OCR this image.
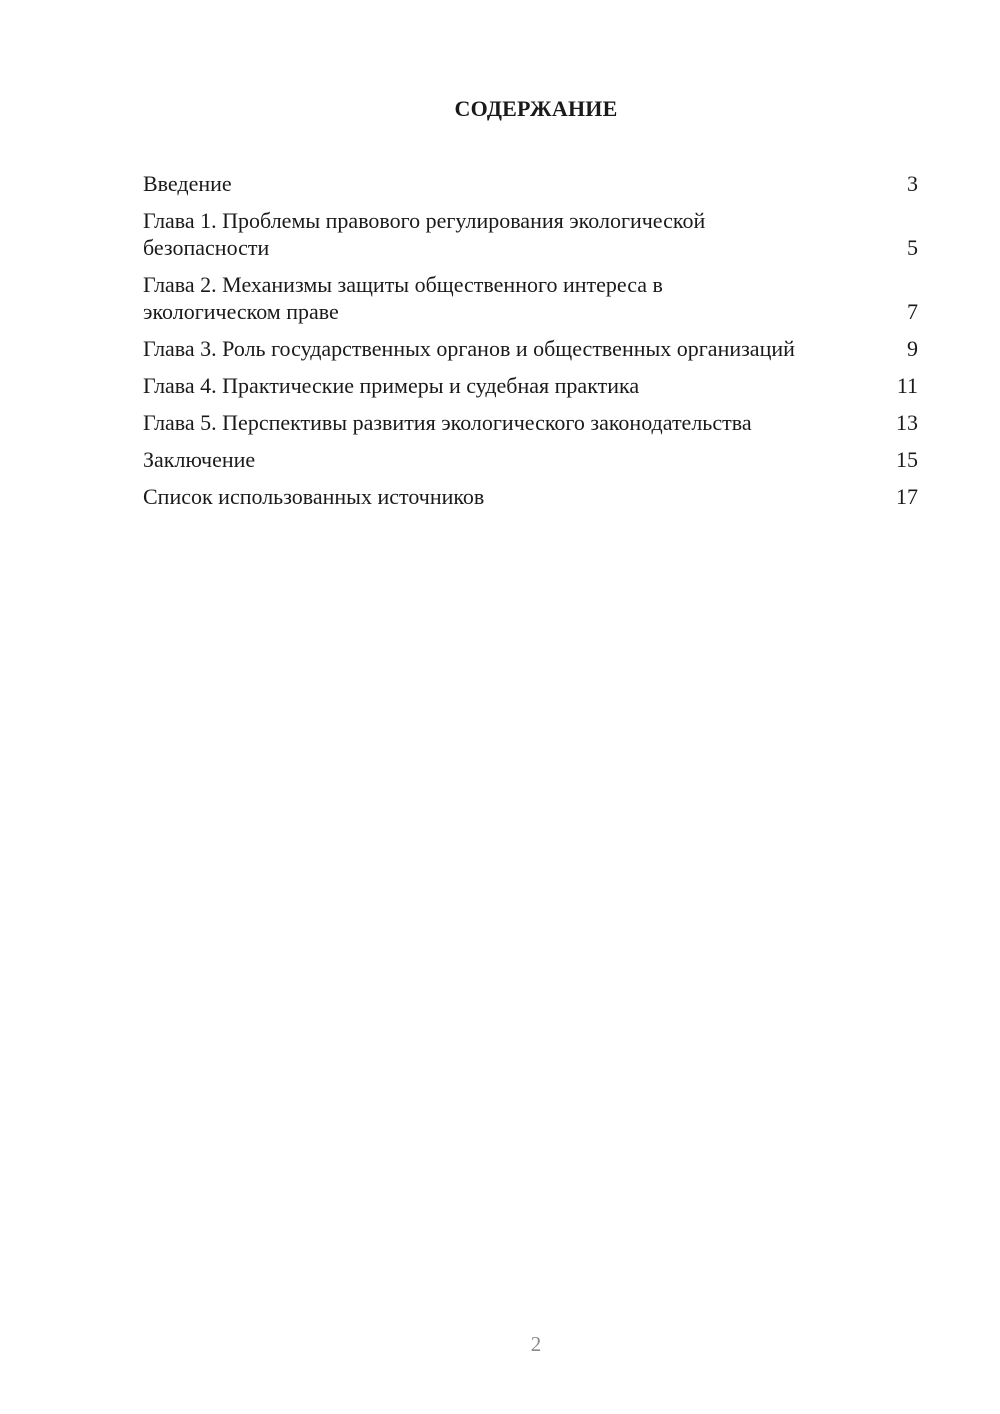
СОДЕРЖАНИЕ
Введение	3
Глава 1. Проблемы правового регулирования экологической безопасности	5
Глава 2. Механизмы защиты общественного интереса в экологическом праве	7
Глава 3. Роль государственных органов и общественных организаций	9
Глава 4. Практические примеры и судебная практика	11
Глава 5. Перспективы развития экологического законодательства	13
Заключение	15
Список использованных источников	17
2
